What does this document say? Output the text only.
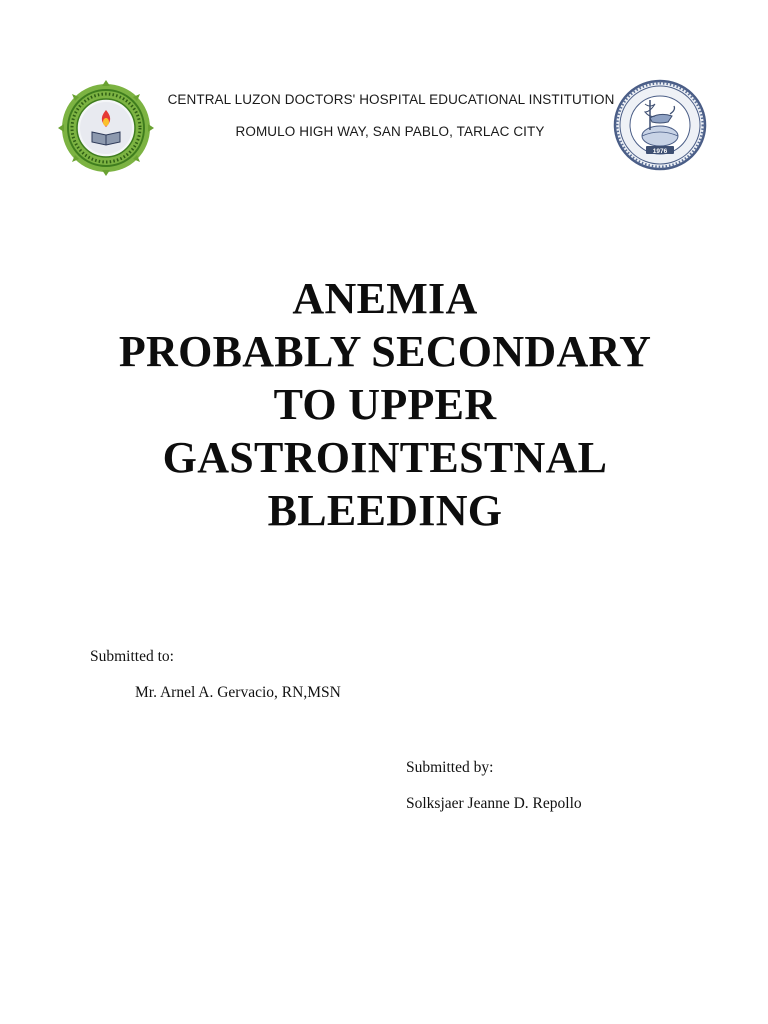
CENTRAL LUZON DOCTORS' HOSPITAL EDUCATIONAL INSTITUTION
ROMULO HIGH WAY, SAN PABLO, TARLAC CITY
1976
ANEMIA
PROBABLY SECONDARY
TO UPPER
GASTROINTESTNAL
BLEEDING
Submitted to:
Mr. Arnel A. Gervacio, RN,MSN
Submitted by:
Solksjaer Jeanne D. Repollo
